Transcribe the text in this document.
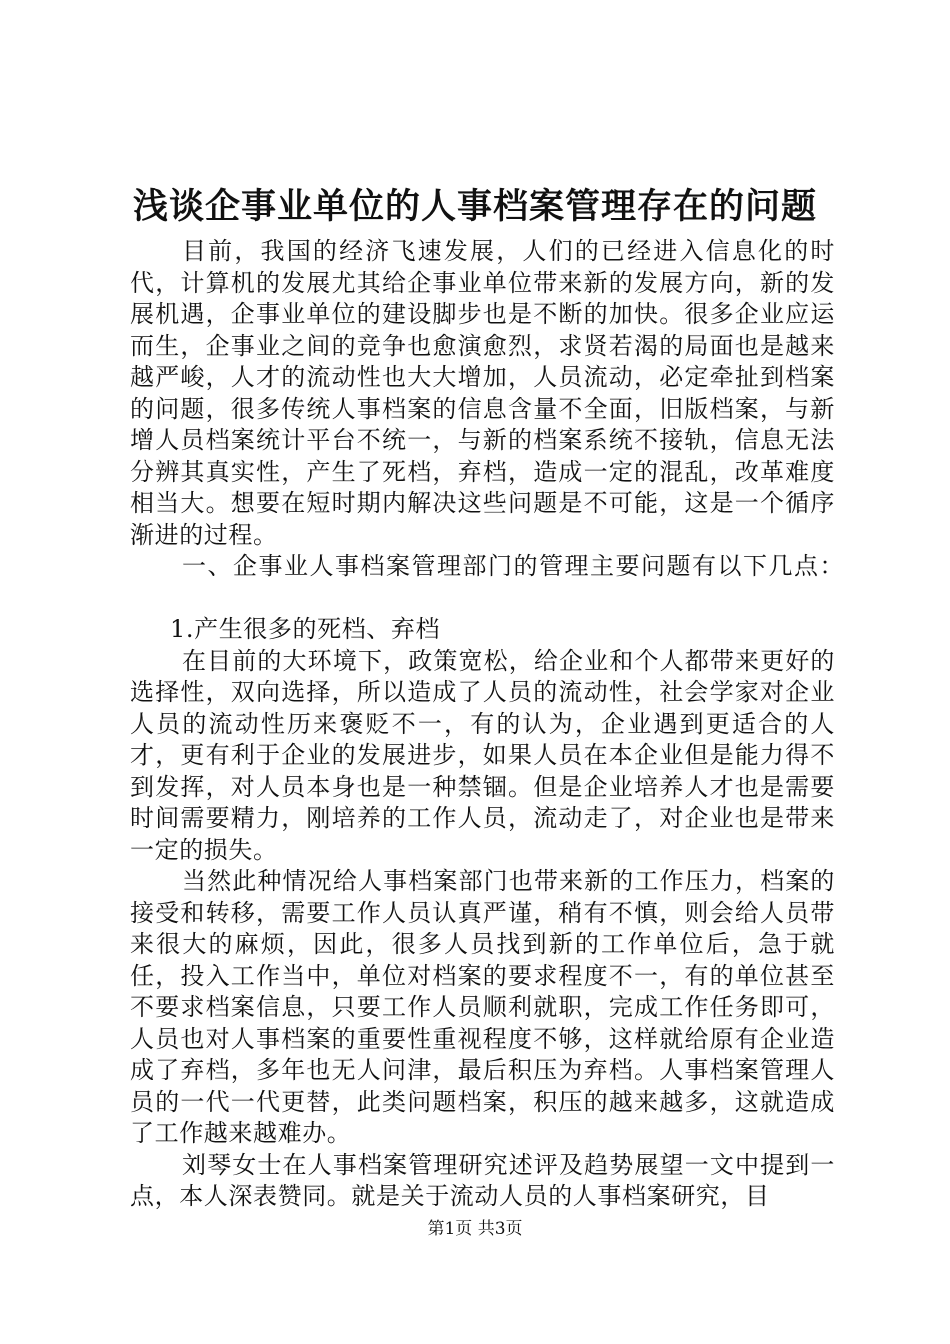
浅谈企事业单位的人事档案管理存在的问题

目前，我国的经济飞速发展，人们的已经进入信息化的时代，计算机的发展尤其给企事业单位带来新的发展方向，新的发展机遇，企事业单位的建设脚步也是不断的加快。很多企业应运而生，企事业之间的竞争也愈演愈烈，求贤若渴的局面也是越来越严峻，人才的流动性也大大增加，人员流动，必定牵扯到档案的问题，很多传统人事档案的信息含量不全面，旧版档案，与新增人员档案统计平台不统一，与新的档案系统不接轨，信息无法分辨其真实性，产生了死档，弃档，造成一定的混乱，改革难度相当大。想要在短时期内解决这些问题是不可能，这是一个循序渐进的过程。

一、企事业人事档案管理部门的管理主要问题有以下几点：

1.产生很多的死档、弃档

在目前的大环境下，政策宽松，给企业和个人都带来更好的选择性，双向选择，所以造成了人员的流动性，社会学家对企业人员的流动性历来褒贬不一，有的认为，企业遇到更适合的人才，更有利于企业的发展进步，如果人员在本企业但是能力得不到发挥，对人员本身也是一种禁锢。但是企业培养人才也是需要时间需要精力，刚培养的工作人员，流动走了，对企业也是带来一定的损失。

当然此种情况给人事档案部门也带来新的工作压力，档案的接受和转移，需要工作人员认真严谨，稍有不慎，则会给人员带来很大的麻烦，因此，很多人员找到新的工作单位后，急于就任，投入工作当中，单位对档案的要求程度不一，有的单位甚至不要求档案信息，只要工作人员顺利就职，完成工作任务即可，人员也对人事档案的重要性重视程度不够，这样就给原有企业造成了弃档，多年也无人问津，最后积压为弃档。人事档案管理人员的一代一代更替，此类问题档案，积压的越来越多，这就造成了工作越来越难办。

刘琴女士在人事档案管理研究述评及趋势展望一文中提到一点，本人深表赞同。就是关于流动人员的人事档案研究，目

第1页 共3页
